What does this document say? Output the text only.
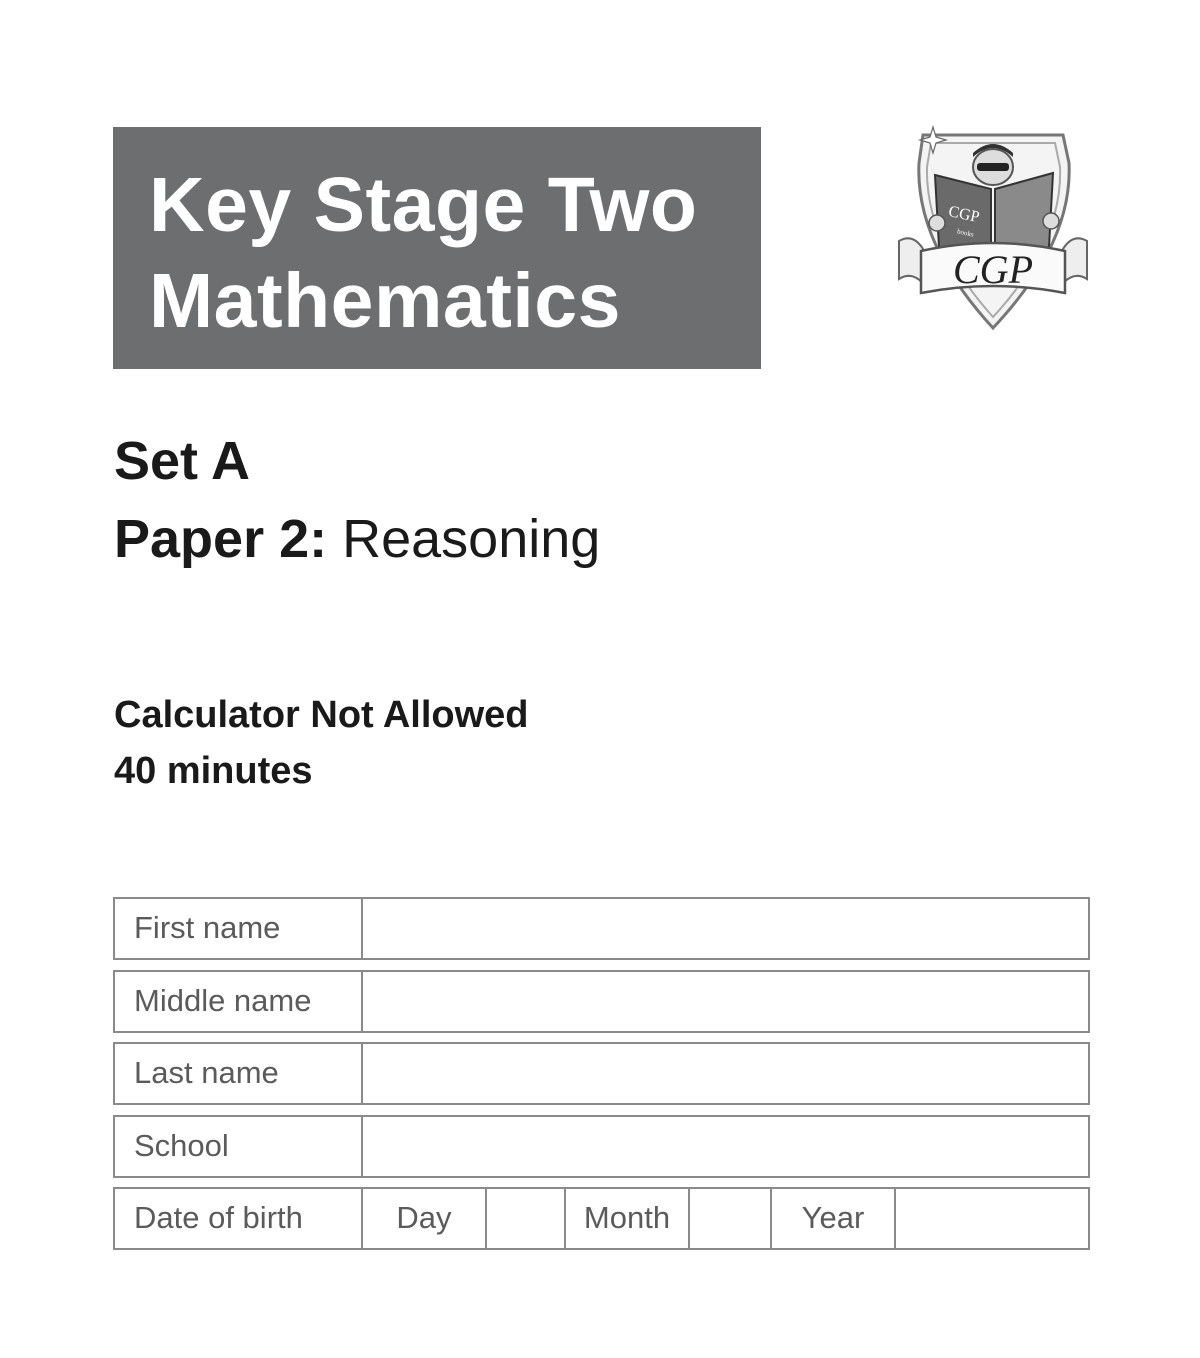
Key Stage Two
Mathematics
CGP
books
CGP
Set A
Paper 2: Reasoning
Calculator Not Allowed
40 minutes
First name
Middle name
Last name
School
Date of birth	Day	Month	Year
